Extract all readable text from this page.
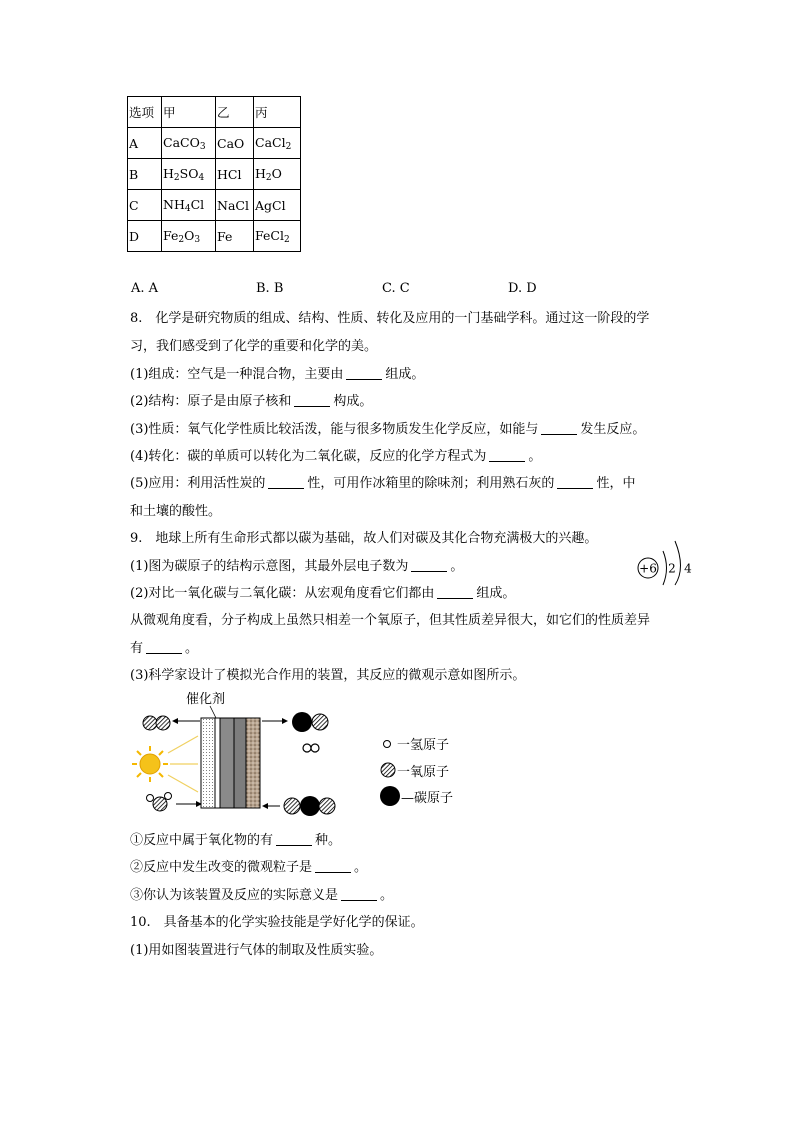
选项	甲	乙	丙
A	CaCO$_3$	CaO	CaCl$_2$
B	$H_2SO_4$	HCl	$H_2O$
C	$NH_4Cl$	NaCl	AgCl
D	$Fe_2O_3$	Fe	FeCl$_2$
A. A	B. B	C. C	D. D
8.　化学是研究物质的组成、结构、性质、转化及应用的一门基础学科。通过这一阶段的学
习，我们感受到了化学的重要和化学的美。
(1)组成：空气是一种混合物，主要由	组成。
(2)结构：原子是由原子核和	构成。
(3)性质：氧气化学性质比较活泼，能与很多物质发生化学反应，如能与	发生反应。
(4)转化：碳的单质可以转化为二氧化碳，反应的化学方程式为	。
(5)应用：利用活性炭的	性，可用作冰箱里的除味剂；利用熟石灰的	性，中
和土壤的酸性。
9.　地球上所有生命形式都以碳为基础，故人们对碳及其化合物充满极大的兴趣。
(1)图为碳原子的结构示意图，其最外层电子数为	。	+6 2 4
(2)对比一氧化碳与二氧化碳：从宏观角度看它们都由	组成。
从微观角度看，分子构成上虽然只相差一个氧原子，但其性质差异很大，如它们的性质差异
有	。
(3)科学家设计了模拟光合作用的装置，其反应的微观示意如图所示。
催化剂
一氢原子
一氧原子
—碳原子
①反应中属于氧化物的有	种。
②反应中发生改变的微观粒子是	。
③你认为该装置及反应的实际意义是	。
10.　具备基本的化学实验技能是学好化学的保证。
(1)用如图装置进行气体的制取及性质实验。
